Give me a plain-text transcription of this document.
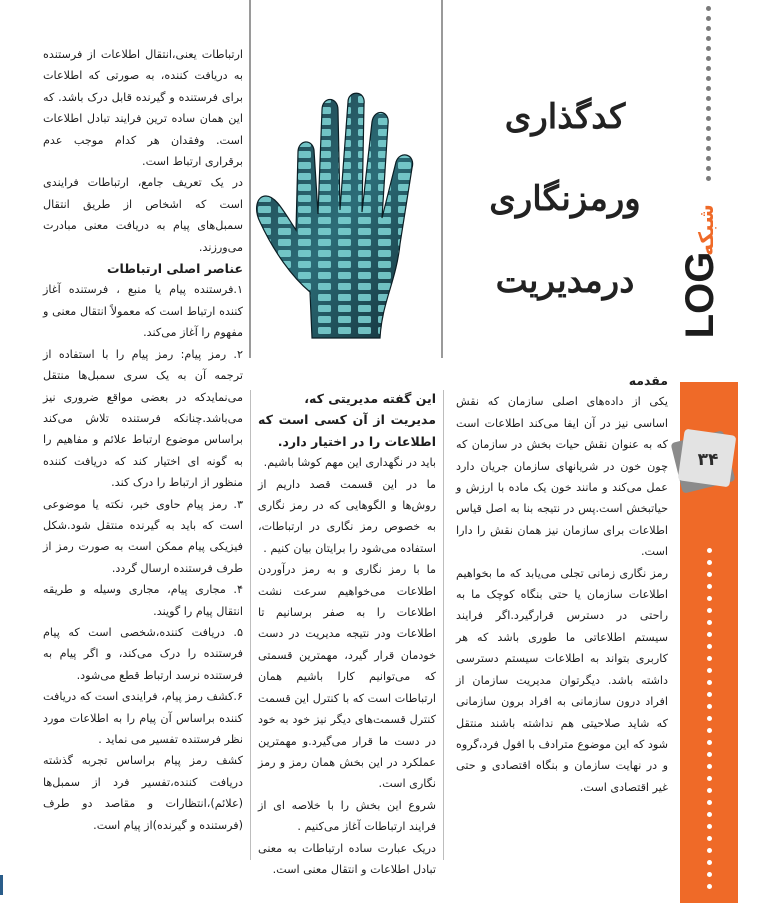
کدگذاری
ورمزنگاری
درمدیریت	LOG
شبکه
۳۴

ارتباطات یعنی،انتقال اطلاعات از فرستنده به دریافت کننده، به صورتی که اطلاعات برای فرستنده و گیرنده قابل درک باشد. که این همان ساده ترین فرایند تبادل اطلاعات است. وفقدان هر کدام موجب عدم برقراری ارتباط است.

در یک تعریف جامع، ارتباطات فرایندی است که اشخاص از طریق انتقال سمبل‌های پیام به دریافت معنی مبادرت می‌ورزند.

عناصر اصلی ارتباطات

۱.فرستنده پیام یا منبع ، فرستنده آغاز کننده ارتباط است که معمولاً انتقال معنی و مفهوم را آغاز می‌کند.

۲. رمز پیام: رمز پیام را با استفاده از ترجمه آن به یک سری سمبل‌ها منتقل می‌نمایدکه در بعضی مواقع ضروری نیز می‌باشد.چنانکه فرستنده تلاش می‌کند براساس موضوع ارتباط علائم و مفاهیم را به گونه ای اختیار کند که دریافت کننده منظور از ارتباط را درک کند.

۳. رمز پیام حاوی خبر، نکته یا موضوعی است که باید به گیرنده منتقل شود.شکل فیزیکی پیام ممکن است به صورت رمز از طرف فرستنده ارسال گردد.

۴. مجاری پیام، مجاری وسیله و طریقه انتقال پیام را گویند.

۵. دریافت کننده،شخصی است که پیام فرستنده را درک می‌کند، و اگر پیام به فرستنده نرسد ارتباط قطع می‌شود.

۶.کشف رمز پیام، فرایندی است که دریافت کننده براساس آن پیام را به اطلاعات مورد نظر فرستنده تفسیر می نماید .

کشف رمز پیام براساس تجربه گذشته دریافت کننده،تفسیر فرد از سمبل‌ها (علائم)،انتظارات و مقاصد دو طرف (فرستنده و گیرنده)از پیام است.

این گفته مدیریتی که،

مدیریت از آن کسی است که اطلاعات را در اختیار دارد.

باید در نگهداری این مهم کوشا باشیم.

ما در این قسمت قصد داریم از روش‌ها و الگوهایی که در رمز نگاری به خصوص رمز نگاری در ارتباطات، استفاده می‌شود را برایتان بیان کنیم .

ما با رمز نگاری و به رمز درآوردن اطلاعات می‌خواهیم سرعت نشت اطلاعات را به صفر برسانیم تا اطلاعات ودر نتیجه مدیریت در دست خودمان قرار گیرد، مهمترین قسمتی که می‌توانیم کارا باشیم همان ارتباطات است که با کنترل این قسمت کنترل قسمت‌های دیگر نیز خود به خود در دست ما قرار می‌گیرد.و مهمترین عملکرد در این بخش همان رمز و رمز نگاری است.

شروع این بخش را با خلاصه ای از فرایند ارتباطات آغاز می‌کنیم .

دریک عبارت ساده ارتباطات به معنی تبادل اطلاعات و انتقال معنی است.

مقدمه

یکی از داده‌های اصلی سازمان که نقش اساسی نیز در آن ایفا می‌کند اطلاعات است که به عنوان نقش حیات بخش در سازمان که چون خون در شریانهای سازمان جریان دارد عمل می‌کند و مانند خون یک ماده با ارزش و حیاتبخش است.پس در نتیجه بنا به اصل قیاس اطلاعات برای سازمان نیز همان نقش را دارا است.

رمز نگاری زمانی تجلی می‌یابد که ما بخواهیم اطلاعات سازمان یا حتی بنگاه کوچک ما به راحتی در دسترس قرارگیرد.اگر فرایند سیستم اطلاعاتی ما طوری باشد که هر کاربری بتواند به اطلاعات سیستم دسترسی داشته باشد. دیگرتوان مدیریت سازمان از افراد درون سازمانی به افراد برون سازمانی که شاید صلاحیتی هم نداشته باشند منتقل شود که این موضوع مترادف با افول فرد،گروه و در نهایت سازمان و بنگاه اقتصادی و حتی غیر اقتصادی است.
